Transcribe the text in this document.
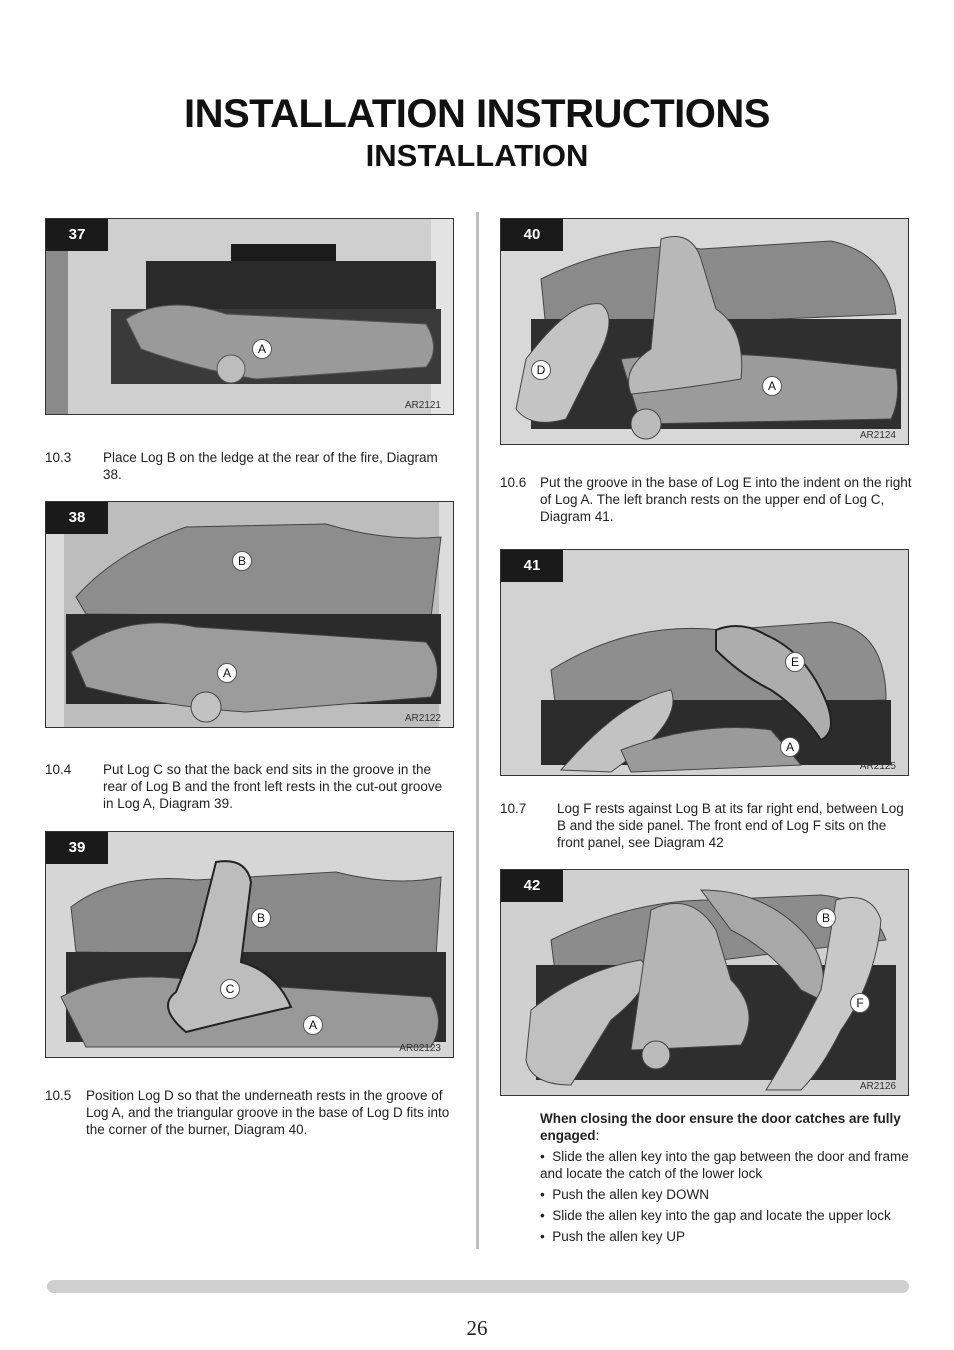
INSTALLATION INSTRUCTIONS
INSTALLATION
37
A
AR2121
10.3 Place Log B on the ledge at the rear of the fire, Diagram 38.
38
B
A
AR2122
10.4 Put Log C so that the back end sits in the groove in the rear of Log B and the front left rests in the cut-out groove in Log A, Diagram 39.
39
B
C
A
AR02123
10.5 Position Log D so that the underneath rests in the groove of Log A, and the triangular groove in the base of Log D fits into the corner of the burner, Diagram 40.
40
D
A
AR2124
10.6 Put the groove in the base of Log E into the indent on the right of Log A. The left branch rests on the upper end of Log C, Diagram 41.
41
E
A
AR2125
10.7 Log F rests against Log B at its far right end, between Log B and the side panel. The front end of Log F sits on the front panel, see Diagram 42
42
B
F
AR2126
When closing the door ensure the door catches are fully engaged:
•  Slide the allen key into the gap between the door and frame and locate the catch of the lower lock
•  Push the allen key DOWN
•  Slide the allen key into the gap and locate the upper lock
•  Push the allen key UP
26
